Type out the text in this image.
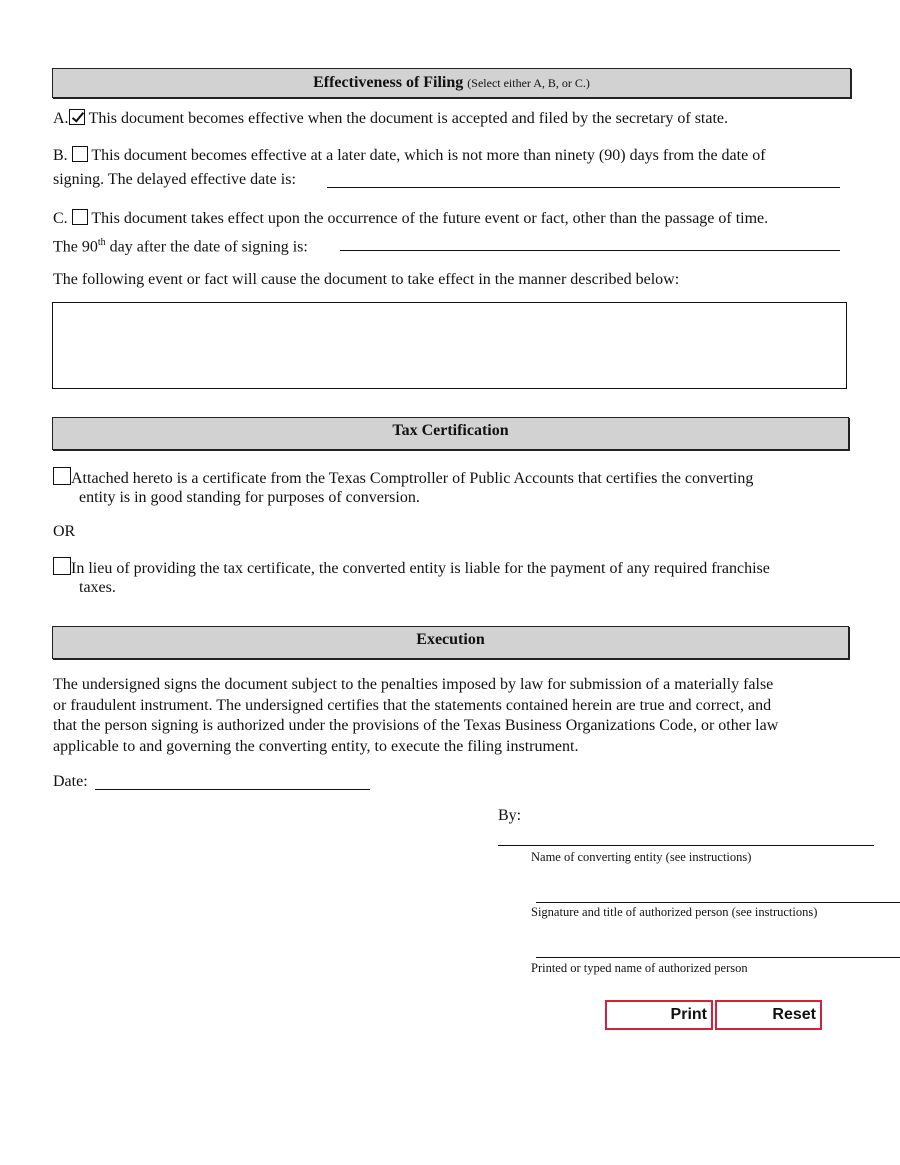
Effectiveness of Filing (Select either A, B, or C.)
A. This document becomes effective when the document is accepted and filed by the secretary of state.
B. This document becomes effective at a later date, which is not more than ninety (90) days from the date of
signing. The delayed effective date is:
C. This document takes effect upon the occurrence of the future event or fact, other than the passage of time.
The 90th day after the date of signing is:
The following event or fact will cause the document to take effect in the manner described below:
Tax Certification
Attached hereto is a certificate from the Texas Comptroller of Public Accounts that certifies the converting
entity is in good standing for purposes of conversion.
OR
In lieu of providing the tax certificate, the converted entity is liable for the payment of any required franchise
taxes.
Execution
The undersigned signs the document subject to the penalties imposed by law for submission of a materially false
or fraudulent instrument. The undersigned certifies that the statements contained herein are true and correct, and
that the person signing is authorized under the provisions of the Texas Business Organizations Code, or other law
applicable to and governing the converting entity, to execute the filing instrument.
Date:
By:
Name of converting entity (see instructions)
Signature and title of authorized person (see instructions)
Printed or typed name of authorized person
Print	Reset
